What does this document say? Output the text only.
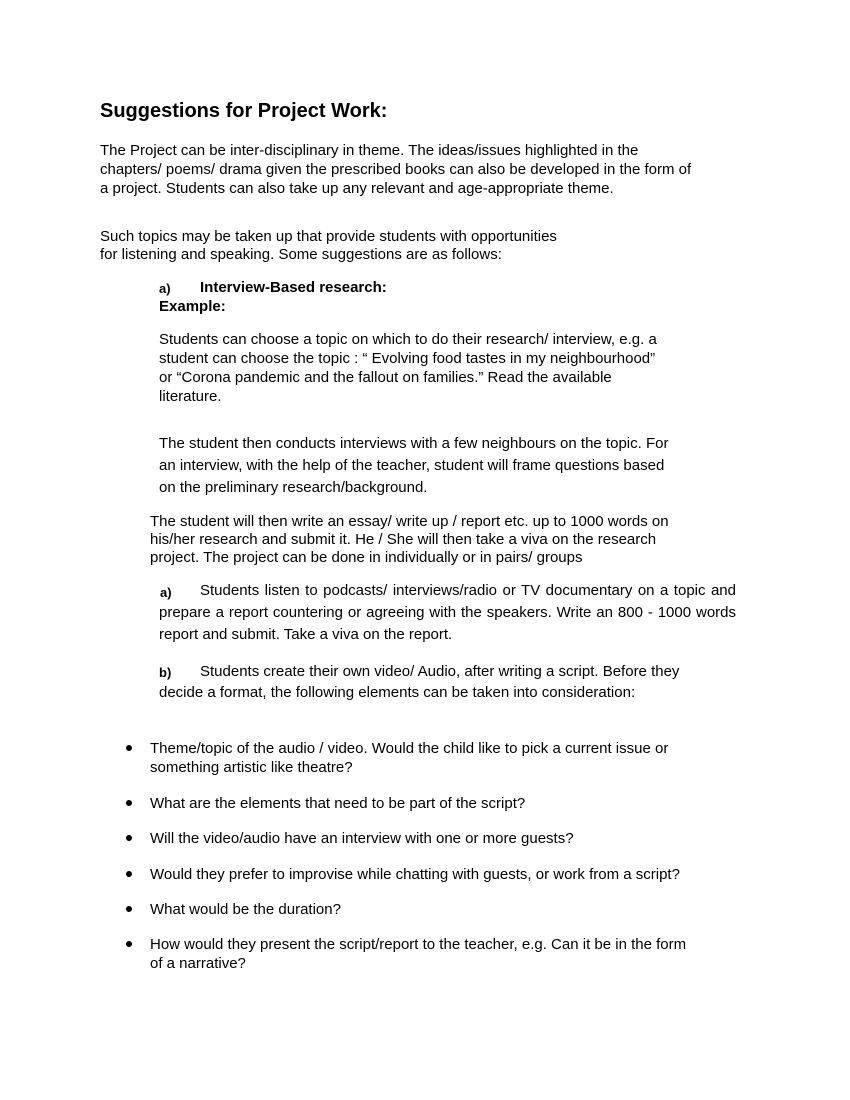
Suggestions for Project Work:
The Project can be inter-disciplinary in theme. The ideas/issues highlighted in the
chapters/ poems/ drama given the prescribed books can also be developed in the form of
a project. Students can also take up any relevant and age-appropriate theme.
Such topics may be taken up that provide students with opportunities
for listening and speaking. Some suggestions are as follows:
a) Interview-Based research:
Example:
Students can choose a topic on which to do their research/ interview, e.g. a
student can choose the topic : “ Evolving food tastes in my neighbourhood”
or “Corona pandemic and the fallout on families.” Read the available
literature.
The student then conducts interviews with a few neighbours on the topic. For
an interview, with the help of the teacher, student will frame questions based
on the preliminary research/background.
The student will then write an essay/ write up / report etc. up to 1000 words on
his/her research and submit it. He / She will then take a viva on the research
project. The project can be done in individually or in pairs/ groups
a)	Students listen to podcasts/ interviews/radio or TV documentary on a topic and prepare a report countering or agreeing with the speakers. Write an 800 - 1000 words report and submit. Take a viva on the report.
b) Students create their own video/ Audio, after writing a script. Before they
decide a format, the following elements can be taken into consideration:
Theme/topic of the audio / video. Would the child like to pick a current issue or
something artistic like theatre?
What are the elements that need to be part of the script?
Will the video/audio have an interview with one or more guests?
Would they prefer to improvise while chatting with guests, or work from a script?
What would be the duration?
How would they present the script/report to the teacher, e.g. Can it be in the form
of a narrative?
